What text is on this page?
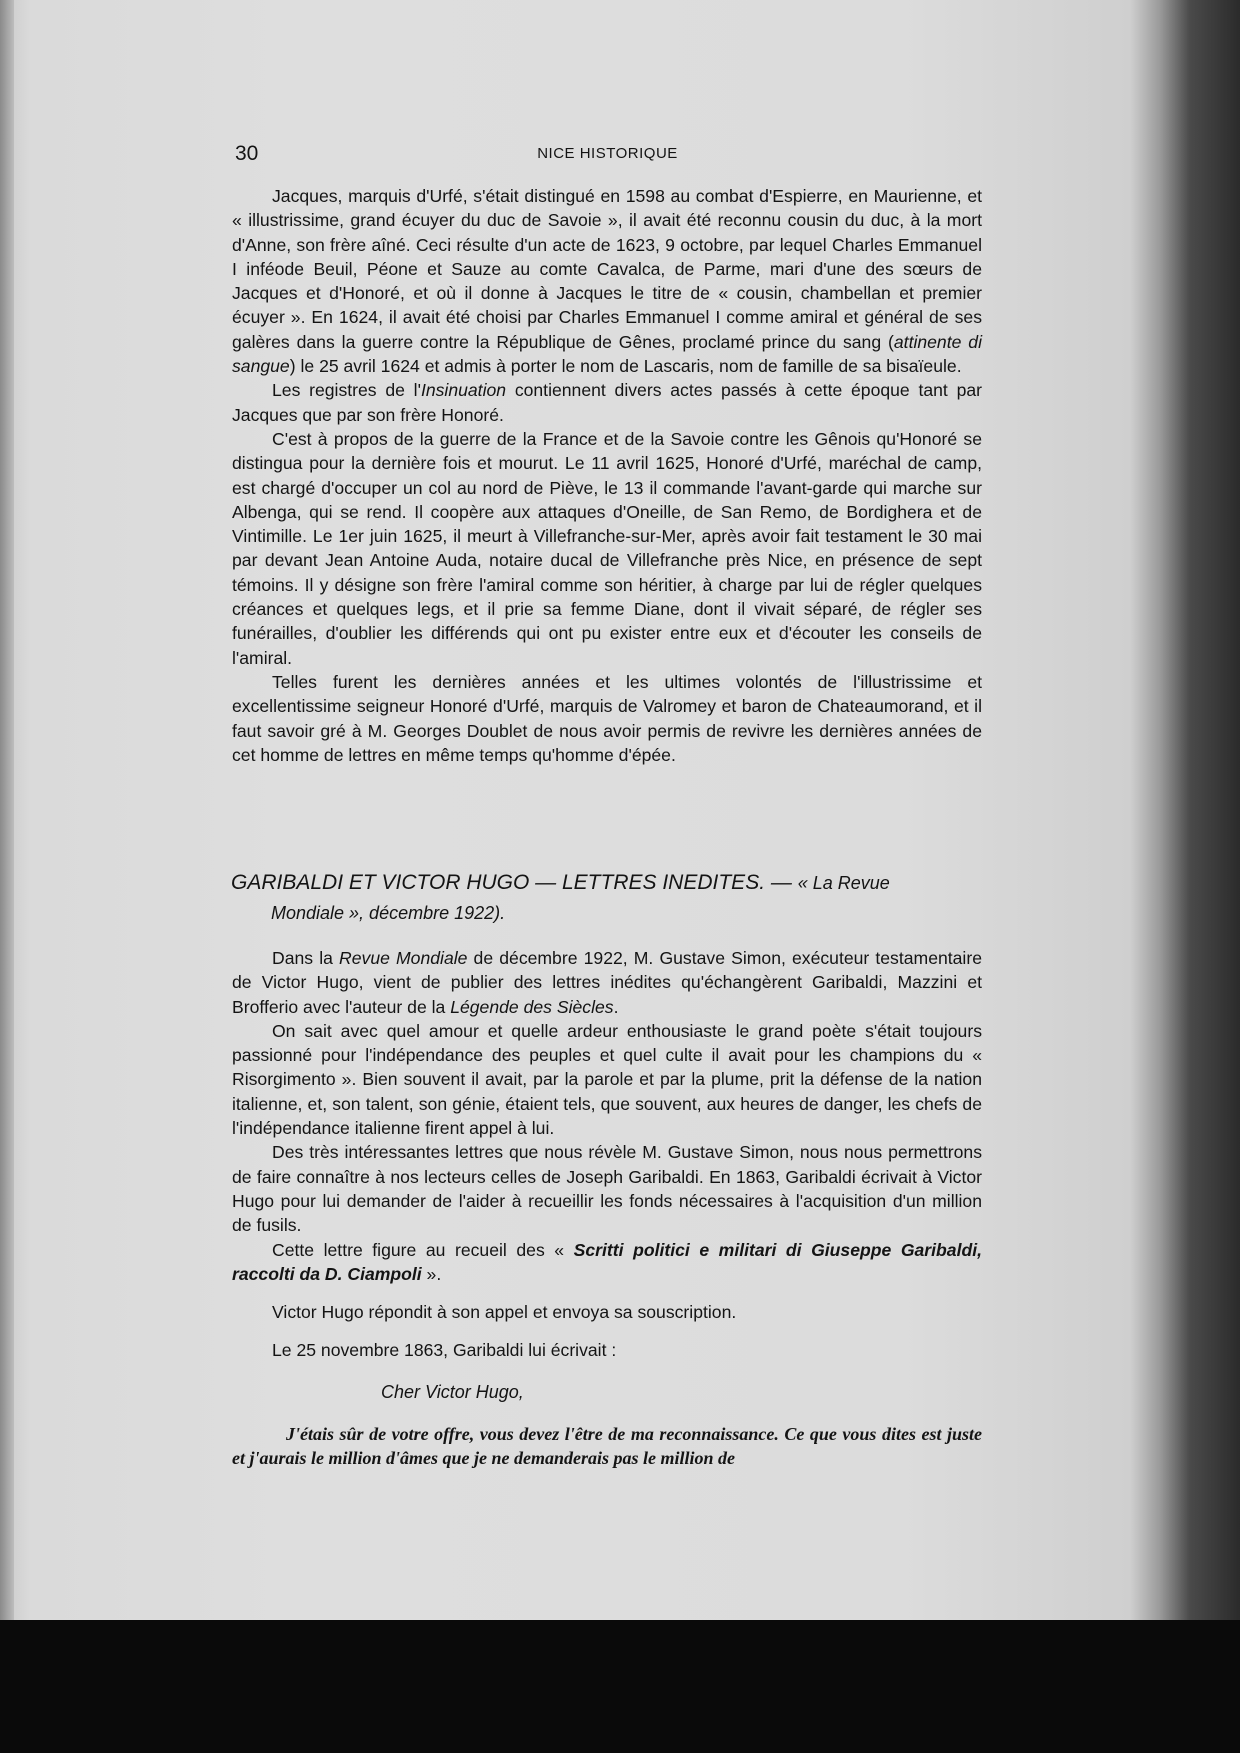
30	NICE HISTORIQUE

Jacques, marquis d'Urfé, s'était distingué en 1598 au combat d'Espierre, en Maurienne, et « illustrissime, grand écuyer du duc de Savoie », il avait été reconnu cousin du duc, à la mort d'Anne, son frère aîné. Ceci résulte d'un acte de 1623, 9 octobre, par lequel Charles Emmanuel I inféode Beuil, Péone et Sauze au comte Cavalca, de Parme, mari d'une des sœurs de Jacques et d'Honoré, et où il donne à Jacques le titre de « cousin, chambellan et premier écuyer ». En 1624, il avait été choisi par Charles Emmanuel I comme amiral et général de ses galères dans la guerre contre la République de Gênes, proclamé prince du sang (attinente di sangue) le 25 avril 1624 et admis à porter le nom de Lascaris, nom de famille de sa bisaïeule.

Les registres de l'Insinuation contiennent divers actes passés à cette époque tant par Jacques que par son frère Honoré.

C'est à propos de la guerre de la France et de la Savoie contre les Gênois qu'Honoré se distingua pour la dernière fois et mourut. Le 11 avril 1625, Honoré d'Urfé, maréchal de camp, est chargé d'occuper un col au nord de Piève, le 13 il commande l'avant-garde qui marche sur Albenga, qui se rend. Il coopère aux attaques d'Oneille, de San Remo, de Bordighera et de Vintimille. Le 1er juin 1625, il meurt à Villefranche-sur-Mer, après avoir fait testament le 30 mai par devant Jean Antoine Auda, notaire ducal de Villefranche près Nice, en présence de sept témoins. Il y désigne son frère l'amiral comme son héritier, à charge par lui de régler quelques créances et quelques legs, et il prie sa femme Diane, dont il vivait séparé, de régler ses funérailles, d'oublier les différends qui ont pu exister entre eux et d'écouter les conseils de l'amiral.

Telles furent les dernières années et les ultimes volontés de l'illustrissime et excellentissime seigneur Honoré d'Urfé, marquis de Valromey et baron de Chateaumorand, et il faut savoir gré à M. Georges Doublet de nous avoir permis de revivre les dernières années de cet homme de lettres en même temps qu'homme d'épée.

GARIBALDI ET VICTOR HUGO — LETTRES INEDITES. — « La Revue
Mondiale », décembre 1922).

Dans la Revue Mondiale de décembre 1922, M. Gustave Simon, exécuteur testamentaire de Victor Hugo, vient de publier des lettres inédites qu'échangèrent Garibaldi, Mazzini et Brofferio avec l'auteur de la Légende des Siècles.

On sait avec quel amour et quelle ardeur enthousiaste le grand poète s'était toujours passionné pour l'indépendance des peuples et quel culte il avait pour les champions du « Risorgimento ». Bien souvent il avait, par la parole et par la plume, prit la défense de la nation italienne, et, son talent, son génie, étaient tels, que souvent, aux heures de danger, les chefs de l'indépendance italienne firent appel à lui.

Des très intéressantes lettres que nous révèle M. Gustave Simon, nous nous permettrons de faire connaître à nos lecteurs celles de Joseph Garibaldi. En 1863, Garibaldi écrivait à Victor Hugo pour lui demander de l'aider à recueillir les fonds nécessaires à l'acquisition d'un million de fusils.

Cette lettre figure au recueil des « Scritti politici e militari di Giuseppe Garibaldi, raccolti da D. Ciampoli ».

Victor Hugo répondit à son appel et envoya sa souscription.

Le 25 novembre 1863, Garibaldi lui écrivait :

Cher Victor Hugo,
J'étais sûr de votre offre, vous devez l'être de ma reconnaissance. Ce que vous dites est juste et j'aurais le million d'âmes que je ne demanderais pas le million de
